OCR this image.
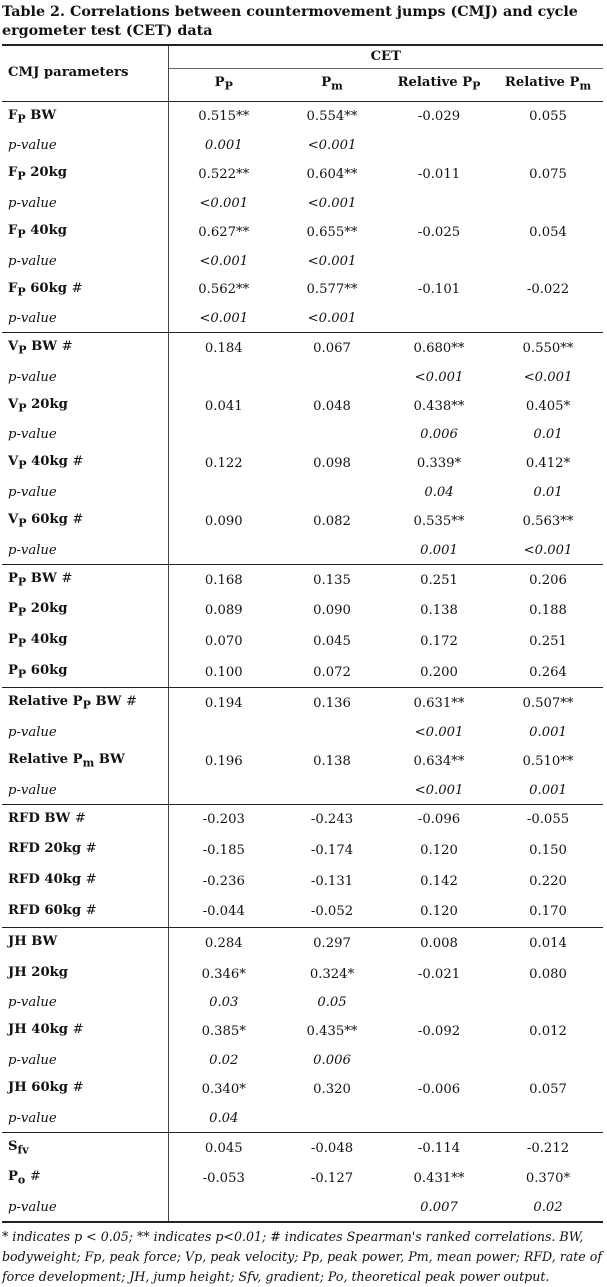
Table 2. Correlations between countermovement jumps (CMJ) and cycle ergometer test (CET) data
CMJ parameters	CET			
	$P_P$	$P_m$	Relative $P_P$	Relative $P_m$
$F_P$ BW	0.515**	0.554**	-0.029	0.055
p-value	0.001	<0.001		
$F_P$ 20kg	0.522**	0.604**	-0.011	0.075
p-value	<0.001	<0.001		
$F_P$ 40kg	0.627**	0.655**	-0.025	0.054
p-value	<0.001	<0.001		
$F_P$ 60kg #	0.562**	0.577**	-0.101	-0.022
p-value	<0.001	<0.001		
$V_P$ BW #	0.184	0.067	0.680**	0.550**
p-value			<0.001	<0.001
$V_P$ 20kg	0.041	0.048	0.438**	0.405*
p-value			0.006	0.01
$V_P$ 40kg #	0.122	0.098	0.339*	0.412*
p-value			0.04	0.01
$V_P$ 60kg #	0.090	0.082	0.535**	0.563**
p-value			0.001	<0.001
$P_P$ BW #	0.168	0.135	0.251	0.206
$P_P$ 20kg	0.089	0.090	0.138	0.188
$P_P$ 40kg	0.070	0.045	0.172	0.251
$P_P$ 60kg	0.100	0.072	0.200	0.264
Relative $P_P$ BW #	0.194	0.136	0.631**	0.507**
p-value			<0.001	0.001
Relative $P_m$ BW	0.196	0.138	0.634**	0.510**
p-value			<0.001	0.001
RFD BW #	-0.203	-0.243	-0.096	-0.055
RFD 20kg #	-0.185	-0.174	0.120	0.150
RFD 40kg #	-0.236	-0.131	0.142	0.220
RFD 60kg #	-0.044	-0.052	0.120	0.170
JH BW	0.284	0.297	0.008	0.014
JH 20kg	0.346*	0.324*	-0.021	0.080
p-value	0.03	0.05		
JH 40kg #	0.385*	0.435**	-0.092	0.012
p-value	0.02	0.006		
JH 60kg #	0.340*	0.320	-0.006	0.057
p-value	0.04			
$S_{fv}$	0.045	-0.048	-0.114	-0.212
$P_o$ #	-0.053	-0.127	0.431**	0.370*
p-value			0.007	0.02
* indicates p < 0.05; ** indicates p<0.01; # indicates Spearman's ranked correlations. BW, bodyweight; Fp, peak force; Vp, peak velocity; Pp, peak power, Pm, mean power; RFD, rate of force development; JH, jump height; Sfv, gradient; Po, theoretical peak power output.
